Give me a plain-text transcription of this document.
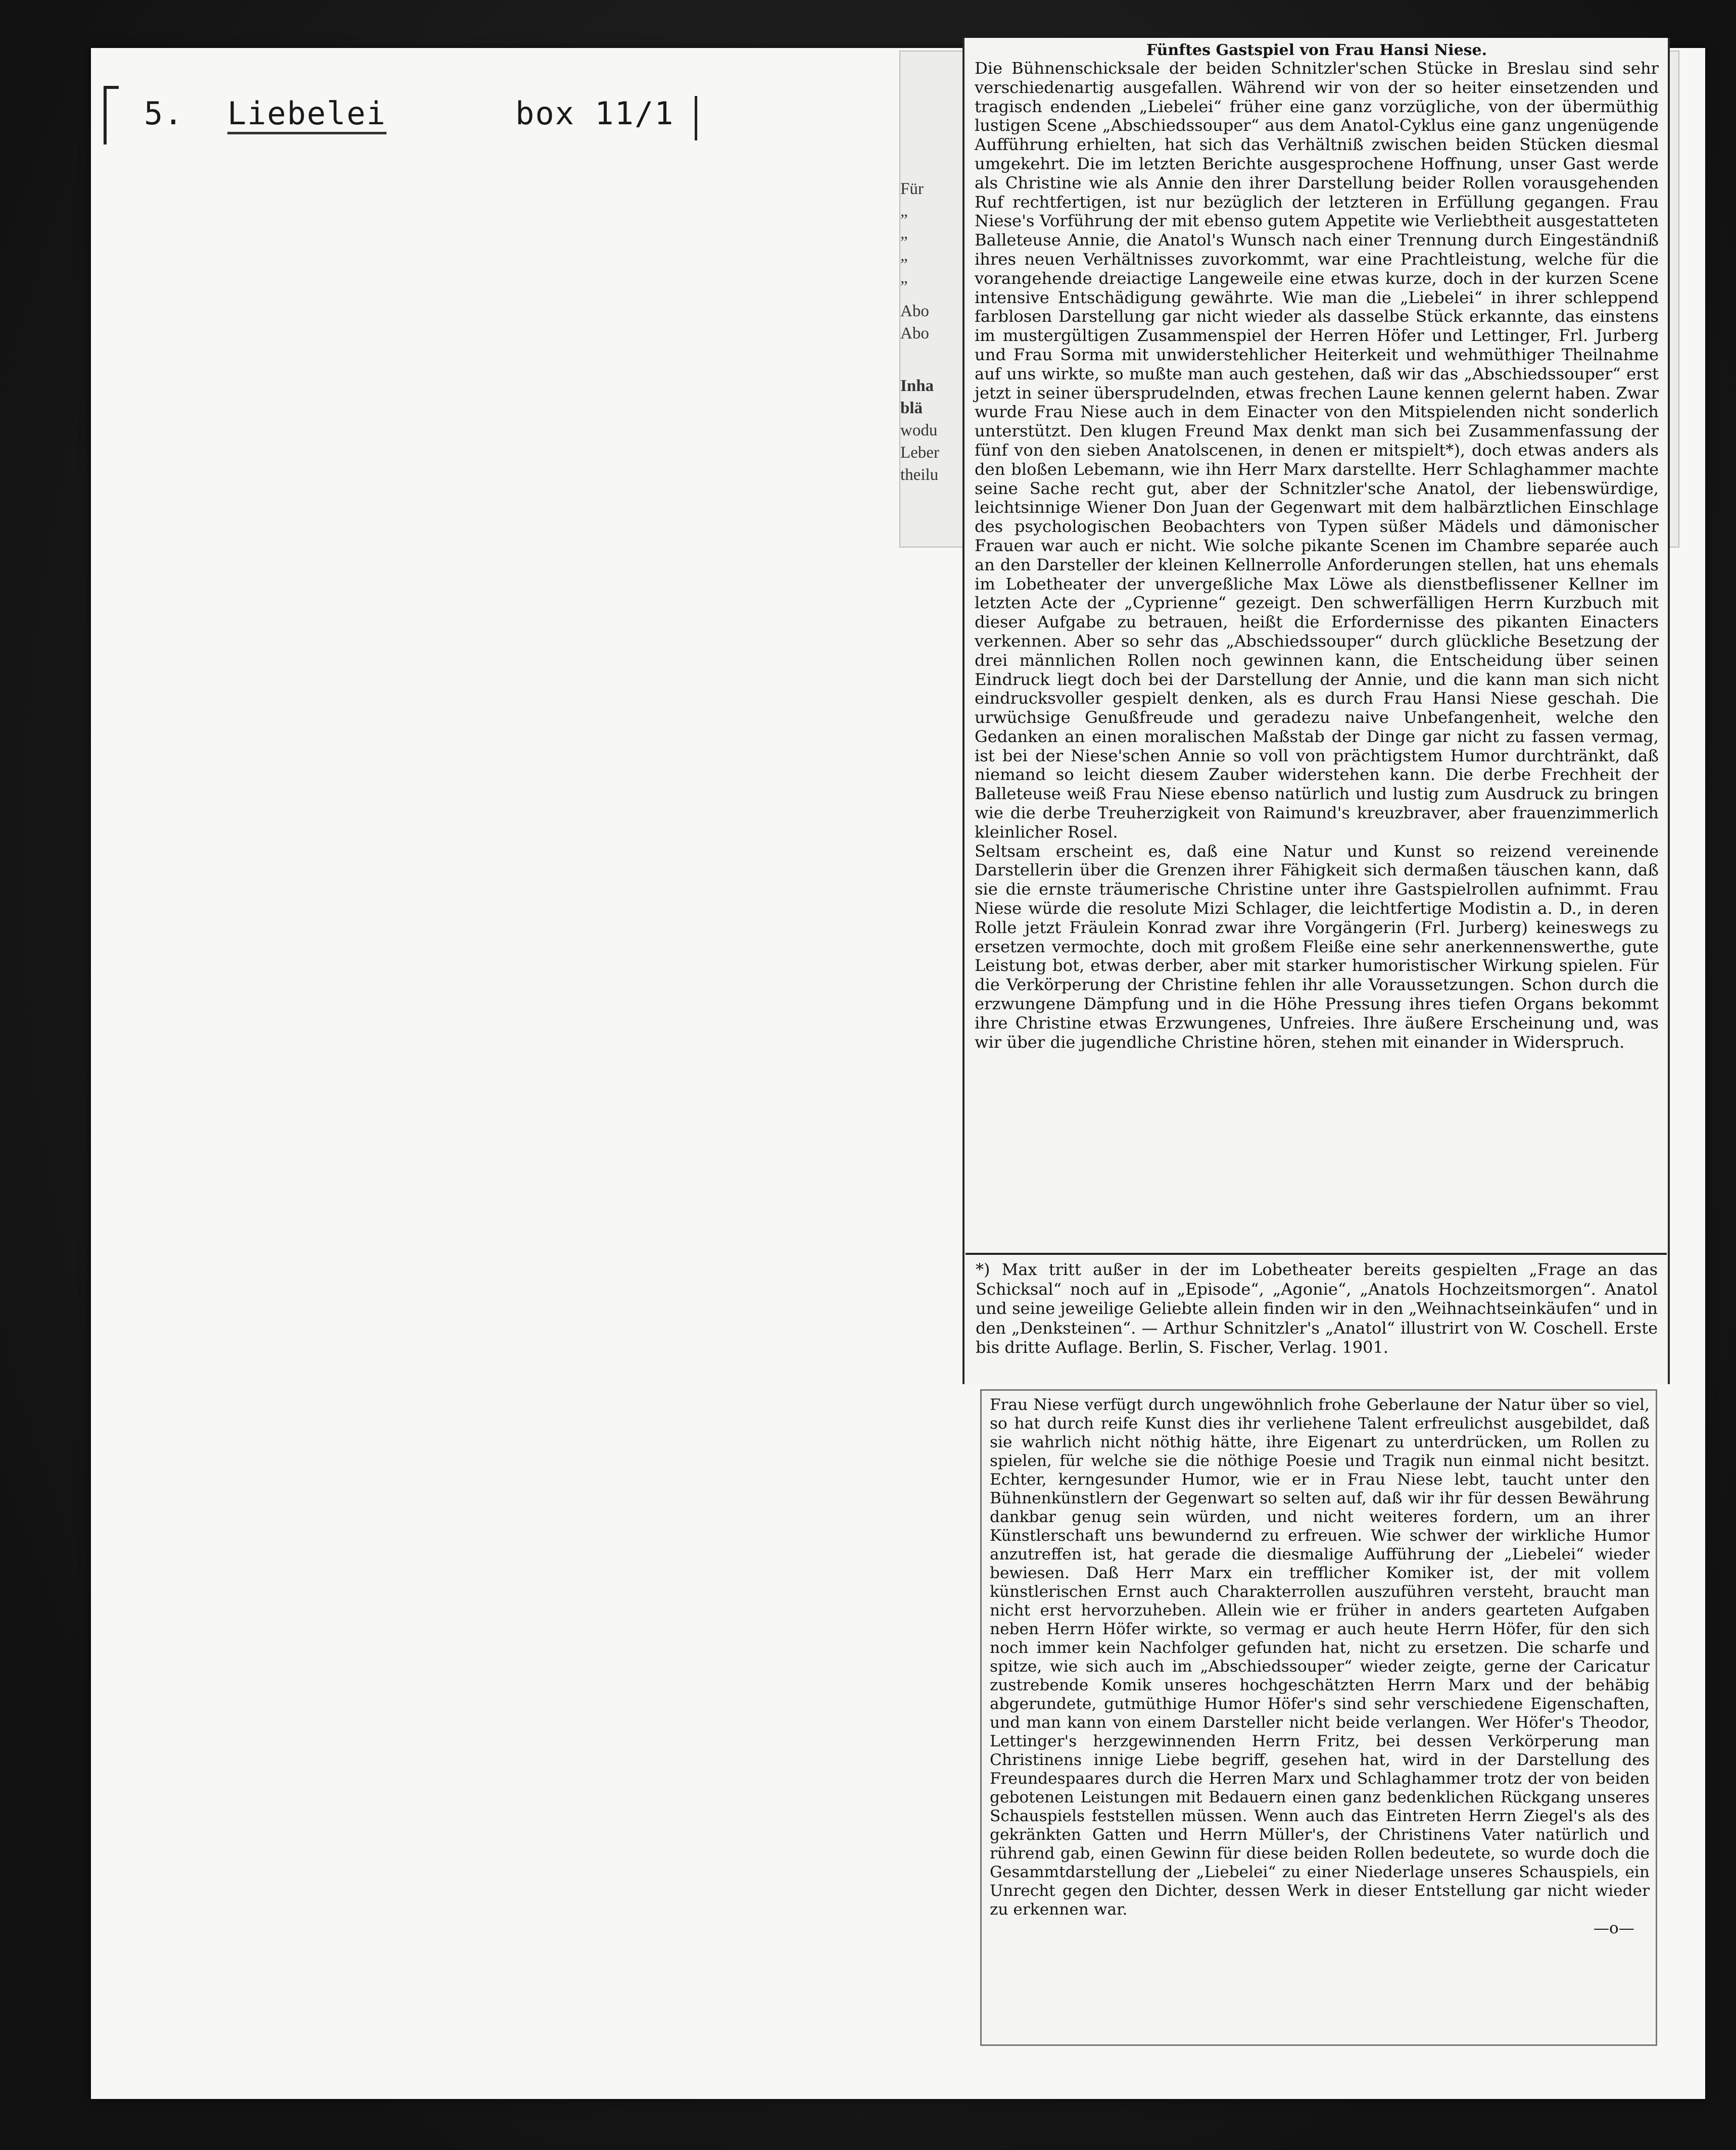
5. Liebelei	box 11/1
Für
„
„
„
„
Abo
Abo
Inha
blä
wodu
Leber
theilu
Fünftes Gastspiel von Frau Hansi Niese.

Die Bühnenschicksale der beiden Schnitzler'schen Stücke in Breslau sind sehr verschiedenartig ausgefallen. Während wir von der so heiter einsetzenden und tragisch endenden „Liebelei“ früher eine ganz vorzügliche, von der übermüthig lustigen Scene „Abschiedssouper“ aus dem Anatol-Cyklus eine ganz ungenügende Aufführung erhielten, hat sich das Verhältniß zwischen beiden Stücken diesmal umgekehrt. Die im letzten Berichte ausgesprochene Hoffnung, unser Gast werde als Christine wie als Annie den ihrer Darstellung beider Rollen vorausgehenden Ruf rechtfertigen, ist nur bezüglich der letzteren in Erfüllung gegangen. Frau Niese's Vorführung der mit ebenso gutem Appetite wie Verliebtheit ausgestatteten Balleteuse Annie, die Anatol's Wunsch nach einer Trennung durch Eingeständniß ihres neuen Verhältnisses zuvorkommt, war eine Prachtleistung, welche für die vorangehende dreiactige Langeweile eine etwas kurze, doch in der kurzen Scene intensive Entschädigung gewährte. Wie man die „Liebelei“ in ihrer schleppend farblosen Darstellung gar nicht wieder als dasselbe Stück erkannte, das einstens im mustergültigen Zusammenspiel der Herren Höfer und Lettinger, Frl. Jurberg und Frau Sorma mit unwiderstehlicher Heiterkeit und wehmüthiger Theilnahme auf uns wirkte, so mußte man auch gestehen, daß wir das „Abschiedssouper“ erst jetzt in seiner übersprudelnden, etwas frechen Laune kennen gelernt haben. Zwar wurde Frau Niese auch in dem Einacter von den Mitspielenden nicht sonderlich unterstützt. Den klugen Freund Max denkt man sich bei Zusammenfassung der fünf von den sieben Anatolscenen, in denen er mitspielt*), doch etwas anders als den bloßen Lebemann, wie ihn Herr Marx darstellte. Herr Schlaghammer machte seine Sache recht gut, aber der Schnitzler'sche Anatol, der liebenswürdige, leichtsinnige Wiener Don Juan der Gegenwart mit dem halbärztlichen Einschlage des psychologischen Beobachters von Typen süßer Mädels und dämonischer Frauen war auch er nicht. Wie solche pikante Scenen im Chambre separée auch an den Darsteller der kleinen Kellnerrolle Anforderungen stellen, hat uns ehemals im Lobetheater der unvergeßliche Max Löwe als dienstbeflissener Kellner im letzten Acte der „Cyprienne“ gezeigt. Den schwerfälligen Herrn Kurzbuch mit dieser Aufgabe zu betrauen, heißt die Erfordernisse des pikanten Einacters verkennen. Aber so sehr das „Abschiedssouper“ durch glückliche Besetzung der drei männlichen Rollen noch gewinnen kann, die Entscheidung über seinen Eindruck liegt doch bei der Darstellung der Annie, und die kann man sich nicht eindrucksvoller gespielt denken, als es durch Frau Hansi Niese geschah. Die urwüchsige Genußfreude und geradezu naive Unbefangenheit, welche den Gedanken an einen moralischen Maßstab der Dinge gar nicht zu fassen vermag, ist bei der Niese'schen Annie so voll von prächtigstem Humor durchtränkt, daß niemand so leicht diesem Zauber widerstehen kann. Die derbe Frechheit der Balleteuse weiß Frau Niese ebenso natürlich und lustig zum Ausdruck zu bringen wie die derbe Treuherzigkeit von Raimund's kreuzbraver, aber frauenzimmerlich kleinlicher Rosel.

Seltsam erscheint es, daß eine Natur und Kunst so reizend vereinende Darstellerin über die Grenzen ihrer Fähigkeit sich dermaßen täuschen kann, daß sie die ernste träumerische Christine unter ihre Gastspielrollen aufnimmt. Frau Niese würde die resolute Mizi Schlager, die leichtfertige Modistin a. D., in deren Rolle jetzt Fräulein Konrad zwar ihre Vorgängerin (Frl. Jurberg) keineswegs zu ersetzen vermochte, doch mit großem Fleiße eine sehr anerkennenswerthe, gute Leistung bot, etwas derber, aber mit starker humoristischer Wirkung spielen. Für die Verkörperung der Christine fehlen ihr alle Voraussetzungen. Schon durch die erzwungene Dämpfung und in die Höhe Pressung ihres tiefen Organs bekommt ihre Christine etwas Erzwungenes, Unfreies. Ihre äußere Erscheinung und, was wir über die jugendliche Christine hören, stehen mit einander in Widerspruch.

*) Max tritt außer in der im Lobetheater bereits gespielten „Frage an das Schicksal“ noch auf in „Episode“, „Agonie“, „Anatols Hochzeitsmorgen“. Anatol und seine jeweilige Geliebte allein finden wir in den „Weihnachtseinkäufen“ und in den „Denksteinen“. — Arthur Schnitzler's „Anatol“ illustrirt von W. Coschell. Erste bis dritte Auflage. Berlin, S. Fischer, Verlag. 1901.

Frau Niese verfügt durch ungewöhnlich frohe Geberlaune der Natur über so viel, so hat durch reife Kunst dies ihr verliehene Talent erfreulichst ausgebildet, daß sie wahrlich nicht nöthig hätte, ihre Eigenart zu unterdrücken, um Rollen zu spielen, für welche sie die nöthige Poesie und Tragik nun einmal nicht besitzt. Echter, kerngesunder Humor, wie er in Frau Niese lebt, taucht unter den Bühnenkünstlern der Gegenwart so selten auf, daß wir ihr für dessen Bewährung dankbar genug sein würden, und nicht weiteres fordern, um an ihrer Künstlerschaft uns bewundernd zu erfreuen. Wie schwer der wirkliche Humor anzutreffen ist, hat gerade die diesmalige Aufführung der „Liebelei“ wieder bewiesen. Daß Herr Marx ein trefflicher Komiker ist, der mit vollem künstlerischen Ernst auch Charakterrollen auszuführen versteht, braucht man nicht erst hervorzuheben. Allein wie er früher in anders gearteten Aufgaben neben Herrn Höfer wirkte, so vermag er auch heute Herrn Höfer, für den sich noch immer kein Nachfolger gefunden hat, nicht zu ersetzen. Die scharfe und spitze, wie sich auch im „Abschiedssouper“ wieder zeigte, gerne der Caricatur zustrebende Komik unseres hochgeschätzten Herrn Marx und der behäbig abgerundete, gutmüthige Humor Höfer's sind sehr verschiedene Eigenschaften, und man kann von einem Darsteller nicht beide verlangen. Wer Höfer's Theodor, Lettinger's herzgewinnenden Herrn Fritz, bei dessen Verkörperung man Christinens innige Liebe begriff, gesehen hat, wird in der Darstellung des Freundespaares durch die Herren Marx und Schlaghammer trotz der von beiden gebotenen Leistungen mit Bedauern einen ganz bedenklichen Rückgang unseres Schauspiels feststellen müssen. Wenn auch das Eintreten Herrn Ziegel's als des gekränkten Gatten und Herrn Müller's, der Christinens Vater natürlich und rührend gab, einen Gewinn für diese beiden Rollen bedeutete, so wurde doch die Gesammtdarstellung der „Liebelei“ zu einer Niederlage unseres Schauspiels, ein Unrecht gegen den Dichter, dessen Werk in dieser Entstellung gar nicht wieder zu erkennen war.

—o—
